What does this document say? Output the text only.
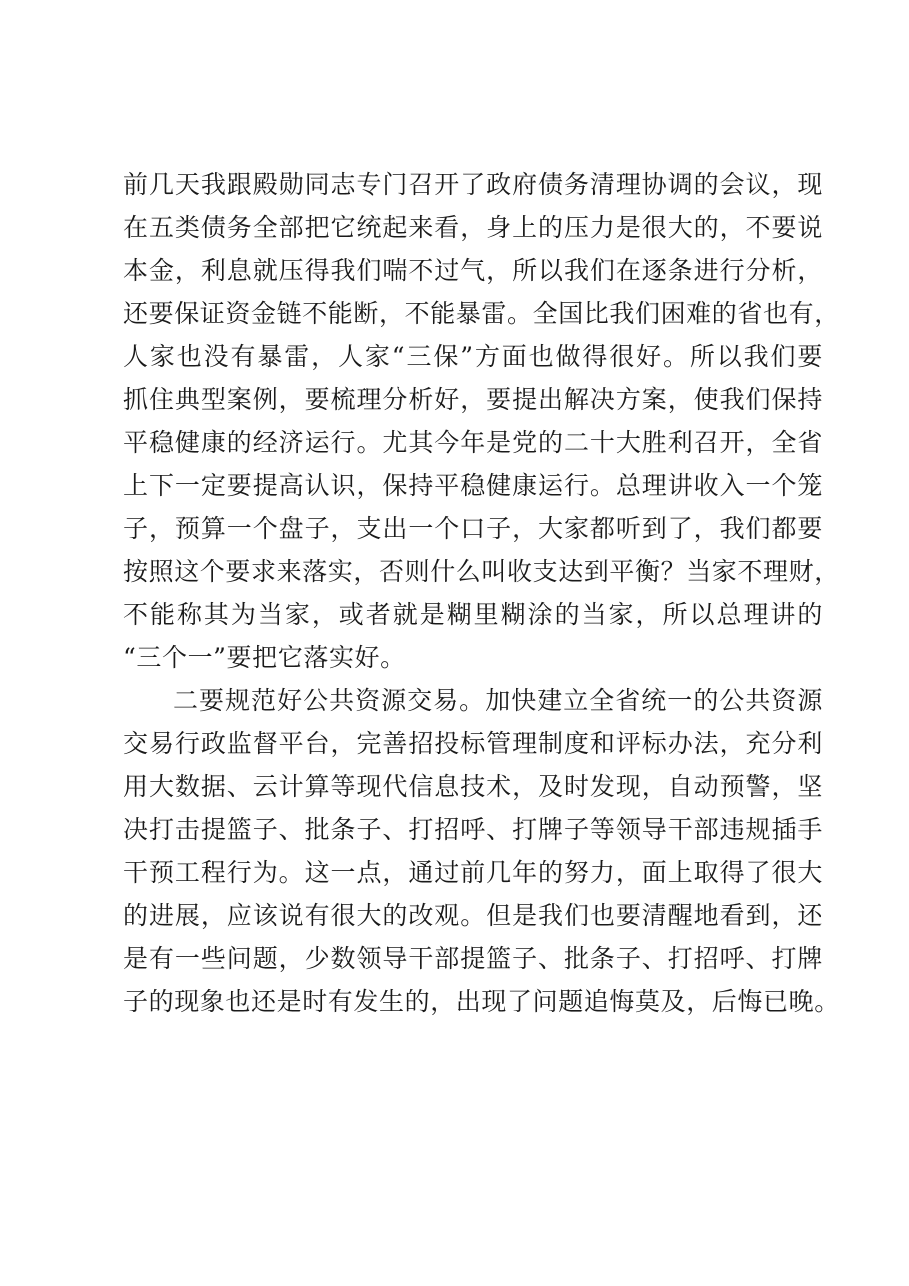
前几天我跟殿勋同志专门召开了政府债务清理协调的会议，现
在五类债务全部把它统起来看，身上的压力是很大的，不要说
本金，利息就压得我们喘不过气，所以我们在逐条进行分析，
还要保证资金链不能断，不能暴雷。全国比我们困难的省也有，
人家也没有暴雷，人家“三保”方面也做得很好。所以我们要
抓住典型案例，要梳理分析好，要提出解决方案，使我们保持
平稳健康的经济运行。尤其今年是党的二十大胜利召开，全省
上下一定要提高认识，保持平稳健康运行。总理讲收入一个笼
子，预算一个盘子，支出一个口子，大家都听到了，我们都要
按照这个要求来落实，否则什么叫收支达到平衡？当家不理财，
不能称其为当家，或者就是糊里糊涂的当家，所以总理讲的
“三个一”要把它落实好。
二要规范好公共资源交易。加快建立全省统一的公共资源
交易行政监督平台，完善招投标管理制度和评标办法，充分利
用大数据、云计算等现代信息技术，及时发现，自动预警，坚
决打击提篮子、批条子、打招呼、打牌子等领导干部违规插手
干预工程行为。这一点，通过前几年的努力，面上取得了很大
的进展，应该说有很大的改观。但是我们也要清醒地看到，还
是有一些问题，少数领导干部提篮子、批条子、打招呼、打牌
子的现象也还是时有发生的，出现了问题追悔莫及，后悔已晚。
